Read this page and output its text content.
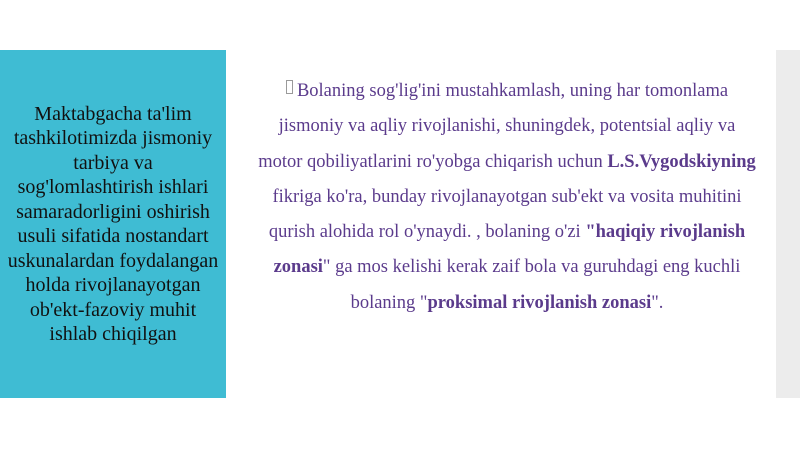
Maktabgacha ta'lim tashkilotimizda jismoniy tarbiya va sog'lomlashtirish ishlari samaradorligini oshirish usuli sifatida nostandart uskunalardan foydalangan holda rivojlanayotgan ob'ekt-fazoviy muhit ishlab chiqilgan

Bolaning sog'lig'ini mustahkamlash, uning har tomonlama jismoniy va aqliy rivojlanishi, shuningdek, potentsial aqliy va motor qobiliyatlarini ro'yobga chiqarish uchun L.S.Vygodskiyning fikriga ko'ra, bunday rivojlanayotgan sub'ekt va vosita muhitini qurish alohida rol o'ynaydi. , bolaning o'zi "haqiqiy rivojlanish zonasi" ga mos kelishi kerak zaif bola va guruhdagi eng kuchli bolaning "proksimal rivojlanish zonasi".
